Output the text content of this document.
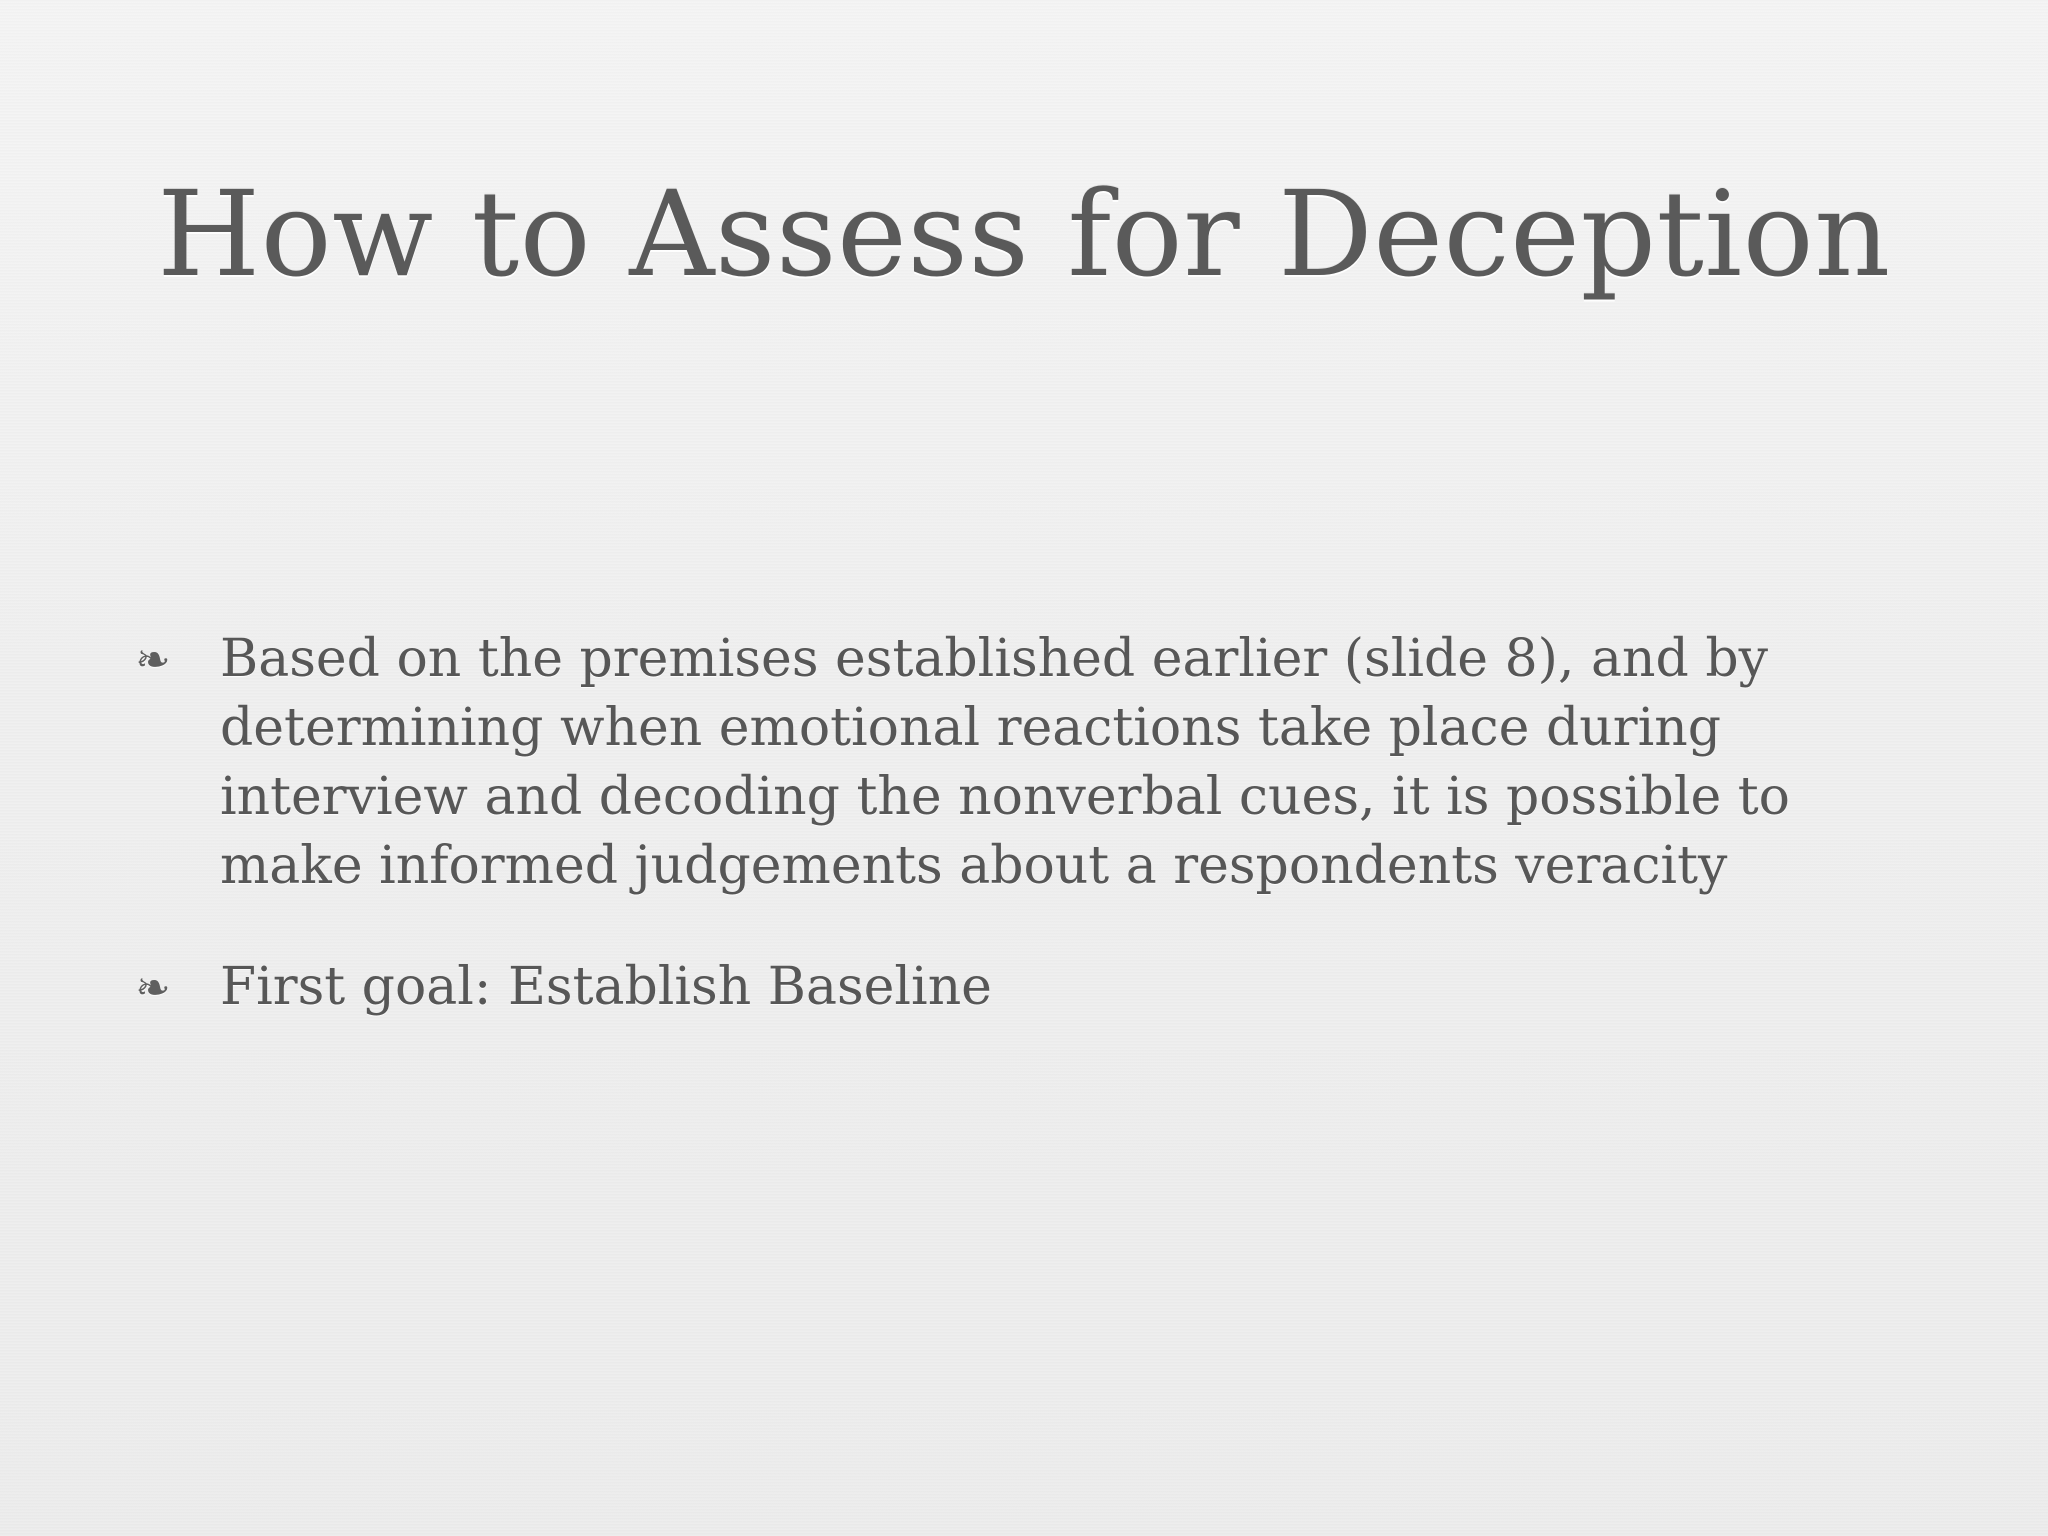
How to Assess for Deception
❧ Based on the premises established earlier (slide 8), and by determining when emotional reactions take place during interview and decoding the nonverbal cues, it is possible to make informed judgements about a respondents veracity
❧ First goal: Establish Baseline
